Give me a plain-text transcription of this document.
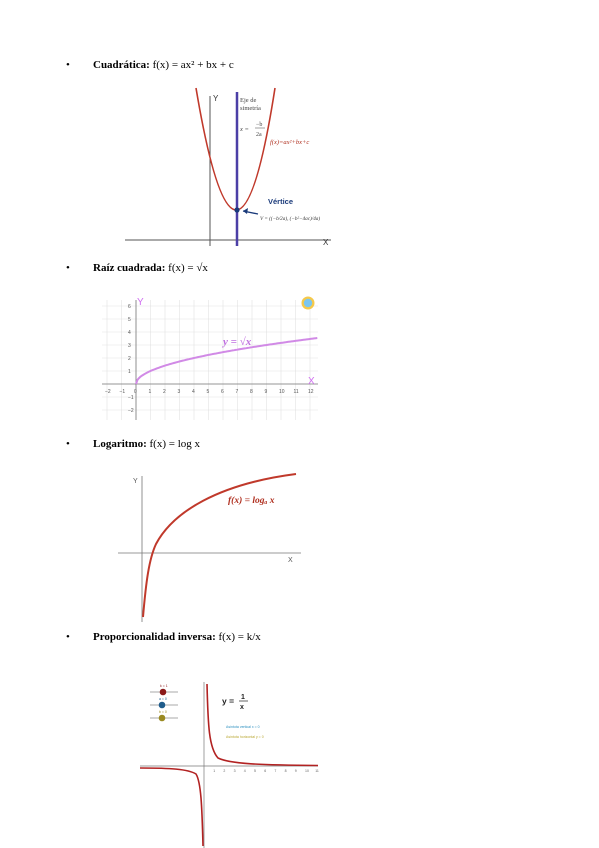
• Cuadrática: f(x) = ax² + bx + c
Y
X
Eje de
simetría
x =
−b
2a
f(x)=ax²+bx+c
Vértice
V = ((−b/2a), (−b²−4ac)/4a)
• Raíz cuadrada: f(x) = √x
−2 −1 0 1 2 3 4 5 6 7 8 9 10 11 12
6
5
4
3
2
1
−1
−2
Y
X
y = √x
• Logaritmo: f(x) = log x
Y
X
f(x) = logₐ x
• Proporcionalidad inversa: f(x) = k/x
1 2 3 4 5 6 7 8 9 10 11
k = 1
a = 0
b = 0
y = 1
x
Asíntota vertical x = 0
Asíntota horizontal y = 0
